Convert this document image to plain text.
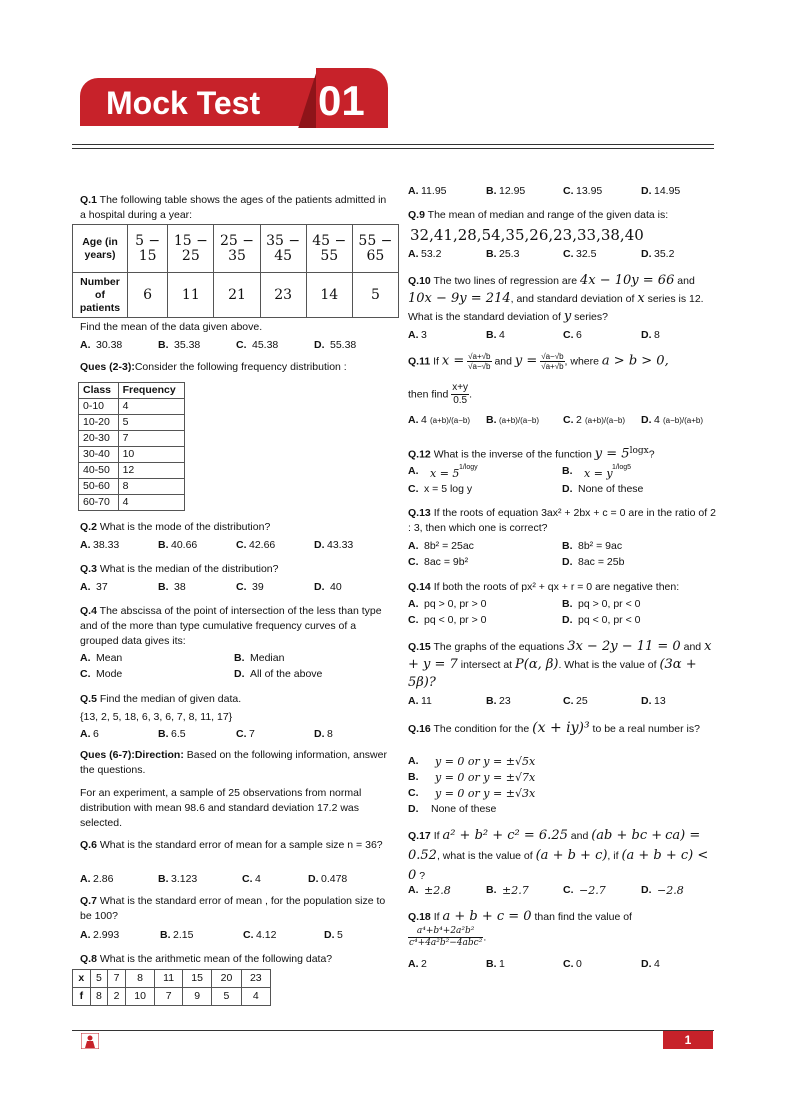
Mock Test 01
Q.1 The following table shows the ages of the patients admitted in a hospital during a year:
Age (in years)	5 − 15	15 − 25	25 − 35	35 − 45	45 − 55	55 − 65
Number of patients	6	11	21	23	14	5
Find the mean of the data given above.
A. 30.38	B. 35.38	C. 45.38	D. 55.38
Ques (2-3):Consider the following frequency distribution :
Class	Frequency
0-10	4
10-20	5
20-30	7
30-40	10
40-50	12
50-60	8
60-70	4
Q.2 What is the mode of the distribution?
A. 38.33	B. 40.66	C. 42.66	D. 43.33
Q.3 What is the median of the distribution?
A. 37	B. 38	C. 39	D. 40
Q.4 The abscissa of the point of intersection of the less than type and of the more than type cumulative frequency curves of a grouped data gives its:
A. Mean	B. Median
C. Mode	D. All of the above
Q.5 Find the median of given data.
{13, 2, 5, 18, 6, 3, 6, 7, 8, 11, 17}
A. 6	B. 6.5	C. 7	D. 8
Ques (6-7):Direction: Based on the following information, answer the questions.
For an experiment, a sample of 25 observations from normal distribution with mean 98.6 and standard deviation 17.2 was selected.
Q.6 What is the standard error of mean for a sample size n = 36?
A. 2.86	B. 3.123	C. 4	D. 0.478
Q.7 What is the standard error of mean , for the population size to be 100?
A. 2.993	B. 2.15	C. 4.12	D. 5
Q.8 What is the arithmetic mean of the following data?
x	5	7	8	11	15	20	23
f	8	2	10	7	9	5	4
A. 11.95	B. 12.95	C. 13.95	D. 14.95
Q.9 The mean of median and range of the given data is:
32,41,28,54,35,26,23,33,38,40
A. 53.2	B. 25.3	C. 32.5	D. 35.2
Q.10 The two lines of regression are 4x − 10y = 66 and 10x − 9y = 214, and standard deviation of x series is 12. What is the standard deviation of y series?
A. 3	B. 4	C. 6	D. 8
Q.11 If $x = \frac{√a+√b}{√a-√b}$ and $y = \frac{√a-√b}{√a+√b}$ , where a > b > 0,
then find $\frac{x+y}{0.5}$ .
A. 4 (a+b)/(a−b) B. (a+b)/(a−b) C. 2 (a+b)/(a−b) D. 4 (a−b)/(a+b)
Q.12 What is the inverse of the function $y = 5^{logx}$?
A. x = 5 1/logy	B. x = y 1/log5
C. x = 5 log y	D. None of these
Q.13 If the roots of equation 3ax² + 2bx + c = 0 are in the ratio of 2 : 3, then which one is correct?
A. 8b² = 25ac	B. 8b² = 9ac
C. 8ac = 9b²	D. 8ac = 25b
Q.14 If both the roots of px² + qx + r = 0 are negative then:
A. pq > 0, pr > 0	B. pq > 0, pr < 0
C. pq < 0, pr > 0	D. pq < 0, pr < 0
Q.15 The graphs of the equations 3x − 2y − 11 = 0 and x + y = 7 intersect at P(α, β). What is the value of (3α + 5β)?
A. 11	B. 23	C. 25	D. 13
Q.16 The condition for the (x + iy)³ to be a real number is?
A. y = 0 or y = ±√5x
B. y = 0 or y = ±√7x
C. y = 0 or y = ±√3x
D. None of these
Q.17 If a² + b² + c² = 6.25 and (ab + bc + ca) = 0.52, what is the value of (a + b + c), if (a + b + c) < 0 ?
A. ±2.8	B. ±2.7	C. −2.7	D. −2.8
Q.18 If a + b + c = 0 than find the value of
$\frac{\text{a⁴+b⁴+2a²b²}}{\text{c⁴+4a²b²−4abc²}}$ .
A. 2	B. 1	C. 0	D. 4
1
